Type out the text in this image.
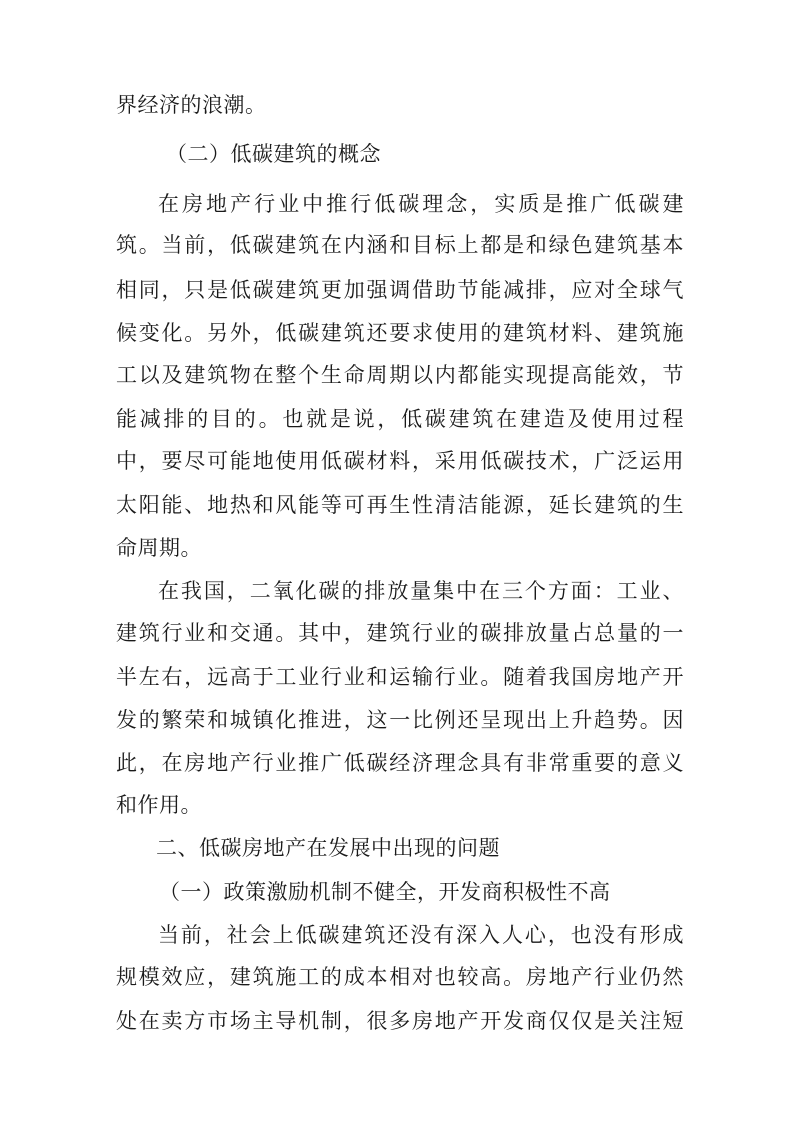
界经济的浪潮。
（二）低碳建筑的概念
在房地产行业中推行低碳理念，实质是推广低碳建
筑。当前，低碳建筑在内涵和目标上都是和绿色建筑基本
相同，只是低碳建筑更加强调借助节能减排，应对全球气
候变化。另外，低碳建筑还要求使用的建筑材料、建筑施
工以及建筑物在整个生命周期以内都能实现提高能效，节
能减排的目的。也就是说，低碳建筑在建造及使用过程
中，要尽可能地使用低碳材料，采用低碳技术，广泛运用
太阳能、地热和风能等可再生性清洁能源，延长建筑的生
命周期。
在我国，二氧化碳的排放量集中在三个方面：工业、
建筑行业和交通。其中，建筑行业的碳排放量占总量的一
半左右，远高于工业行业和运输行业。随着我国房地产开
发的繁荣和城镇化推进，这一比例还呈现出上升趋势。因
此，在房地产行业推广低碳经济理念具有非常重要的意义
和作用。
二、低碳房地产在发展中出现的问题
（一）政策激励机制不健全，开发商积极性不高
当前，社会上低碳建筑还没有深入人心，也没有形成
规模效应，建筑施工的成本相对也较高。房地产行业仍然
处在卖方市场主导机制，很多房地产开发商仅仅是关注短
